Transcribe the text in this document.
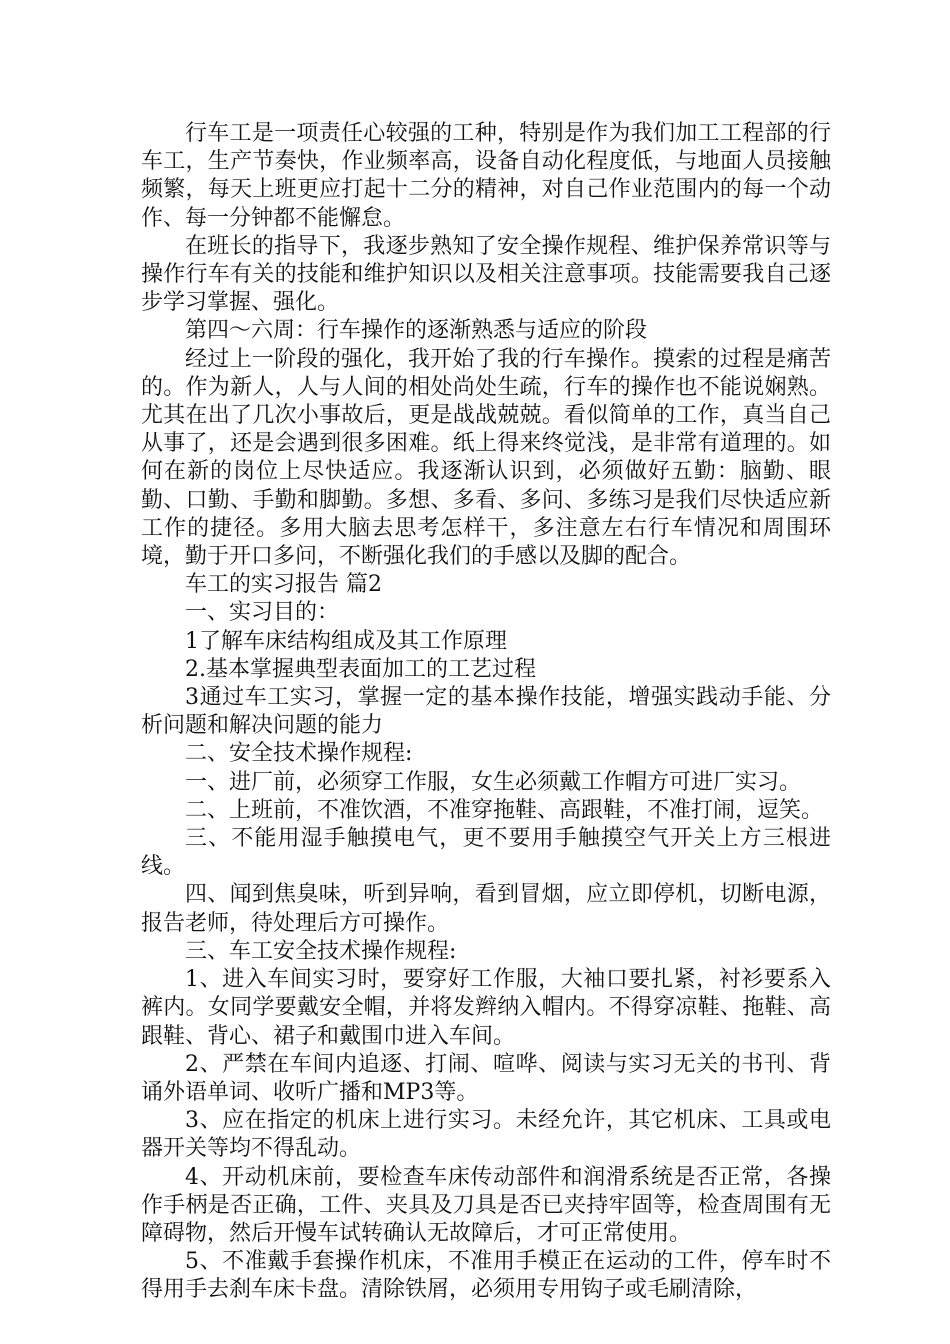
行车工是一项责任心较强的工种，特别是作为我们加工工程部的行车工，生产节奏快，作业频率高，设备自动化程度低，与地面人员接触频繁，每天上班更应打起十二分的精神，对自己作业范围内的每一个动作、每一分钟都不能懈怠。

在班长的指导下，我逐步熟知了安全操作规程、维护保养常识等与操作行车有关的技能和维护知识以及相关注意事项。技能需要我自己逐步学习掌握、强化。

第四～六周：行车操作的逐渐熟悉与适应的阶段

经过上一阶段的强化，我开始了我的行车操作。摸索的过程是痛苦的。作为新人，人与人间的相处尚处生疏，行车的操作也不能说娴熟。尤其在出了几次小事故后，更是战战兢兢。看似简单的工作，真当自己从事了，还是会遇到很多困难。纸上得来终觉浅，是非常有道理的。如何在新的岗位上尽快适应。我逐渐认识到，必须做好五勤：脑勤、眼勤、口勤、手勤和脚勤。多想、多看、多问、多练习是我们尽快适应新工作的捷径。多用大脑去思考怎样干，多注意左右行车情况和周围环境，勤于开口多问，不断强化我们的手感以及脚的配合。

车工的实习报告 篇2

一、实习目的：

1了解车床结构组成及其工作原理

2.基本掌握典型表面加工的工艺过程

3通过车工实习，掌握一定的基本操作技能，增强实践动手能、分析问题和解决问题的能力

二、安全技术操作规程:

一、进厂前，必须穿工作服，女生必须戴工作帽方可进厂实习。

二、上班前，不准饮酒，不准穿拖鞋、高跟鞋，不准打闹，逗笑。

三、不能用湿手触摸电气，更不要用手触摸空气开关上方三根进线。

四、闻到焦臭味，听到异响，看到冒烟，应立即停机，切断电源，报告老师，待处理后方可操作。

三、车工安全技术操作规程:

1、进入车间实习时，要穿好工作服，大袖口要扎紧，衬衫要系入裤内。女同学要戴安全帽，并将发辫纳入帽内。不得穿凉鞋、拖鞋、高跟鞋、背心、裙子和戴围巾进入车间。

2、严禁在车间内追逐、打闹、喧哗、阅读与实习无关的书刊、背诵外语单词、收听广播和MP3等。

3、应在指定的机床上进行实习。未经允许，其它机床、工具或电器开关等均不得乱动。

4、开动机床前，要检查车床传动部件和润滑系统是否正常，各操作手柄是否正确，工件、夹具及刀具是否已夹持牢固等，检查周围有无障碍物，然后开慢车试转确认无故障后，才可正常使用。

5、不准戴手套操作机床，不准用手模正在运动的工件，停车时不得用手去刹车床卡盘。清除铁屑，必须用专用钩子或毛刷清除，
